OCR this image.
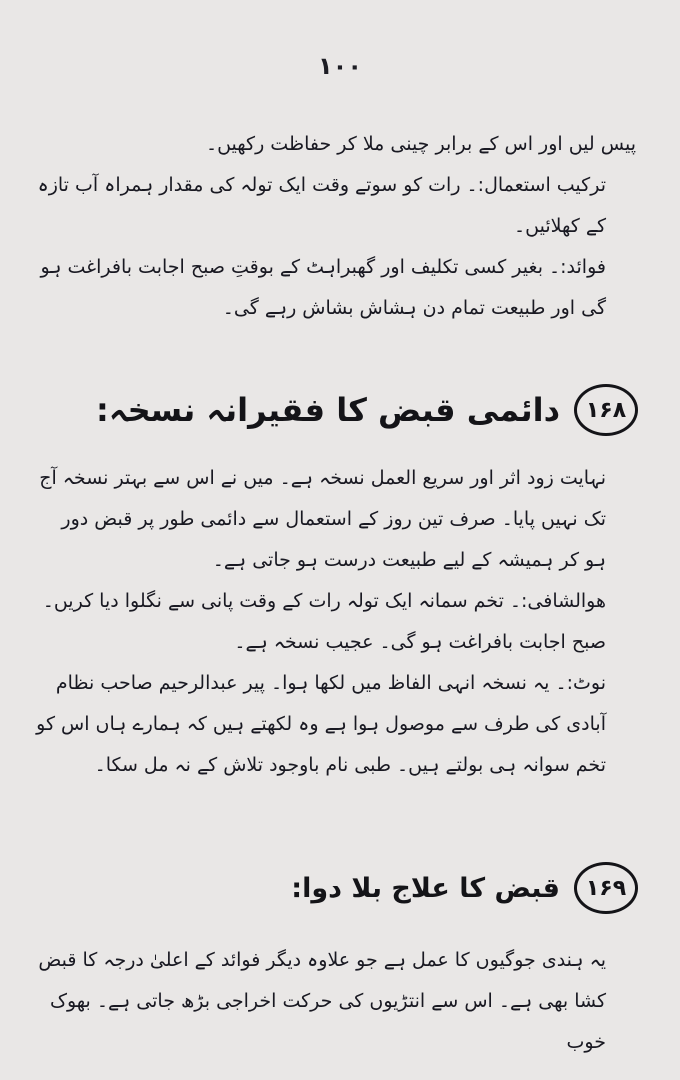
۱۰۰

پیس لیں اور اس کے برابر چینی ملا کر حفاظت رکھیں۔

ترکیب استعمال:۔ رات کو سوتے وقت ایک تولہ کی مقدار ہمراہ آب تازہ کے کھلائیں۔

فوائد:۔ بغیر کسی تکلیف اور گھبراہٹ کے بوقتِ صبح اجابت بافراغت ہو گی اور طبیعت تمام دن ہشاش بشاش رہے گی۔

۱۶۸
دائمی قبض کا فقیرانہ نسخہ:

نہایت زود اثر اور سریع العمل نسخہ ہے۔ میں نے اس سے بہتر نسخہ آج تک نہیں پایا۔ صرف تین روز کے استعمال سے دائمی طور پر قبض دور ہو کر ہمیشہ کے لیے طبیعت درست ہو جاتی ہے۔

ھوالشافی:۔ تخم سمانہ ایک تولہ رات کے وقت پانی سے نگلوا دیا کریں۔ صبح اجابت بافراغت ہو گی۔ عجیب نسخہ ہے۔

نوٹ:۔ یہ نسخہ انہی الفاظ میں لکھا ہوا۔ پیر عبدالرحیم صاحب نظام آبادی کی طرف سے موصول ہوا ہے وہ لکھتے ہیں کہ ہمارے ہاں اس کو تخم سوانہ ہی بولتے ہیں۔ طبی نام باوجود تلاش کے نہ مل سکا۔

۱۶۹
قبض کا علاج بلا دوا:

یہ ہندی جوگیوں کا عمل ہے جو علاوہ دیگر فوائد کے اعلیٰ درجہ کا قبض کشا بھی ہے۔ اس سے انتڑیوں کی حرکت اخراجی بڑھ جاتی ہے۔ بھوک خوب
